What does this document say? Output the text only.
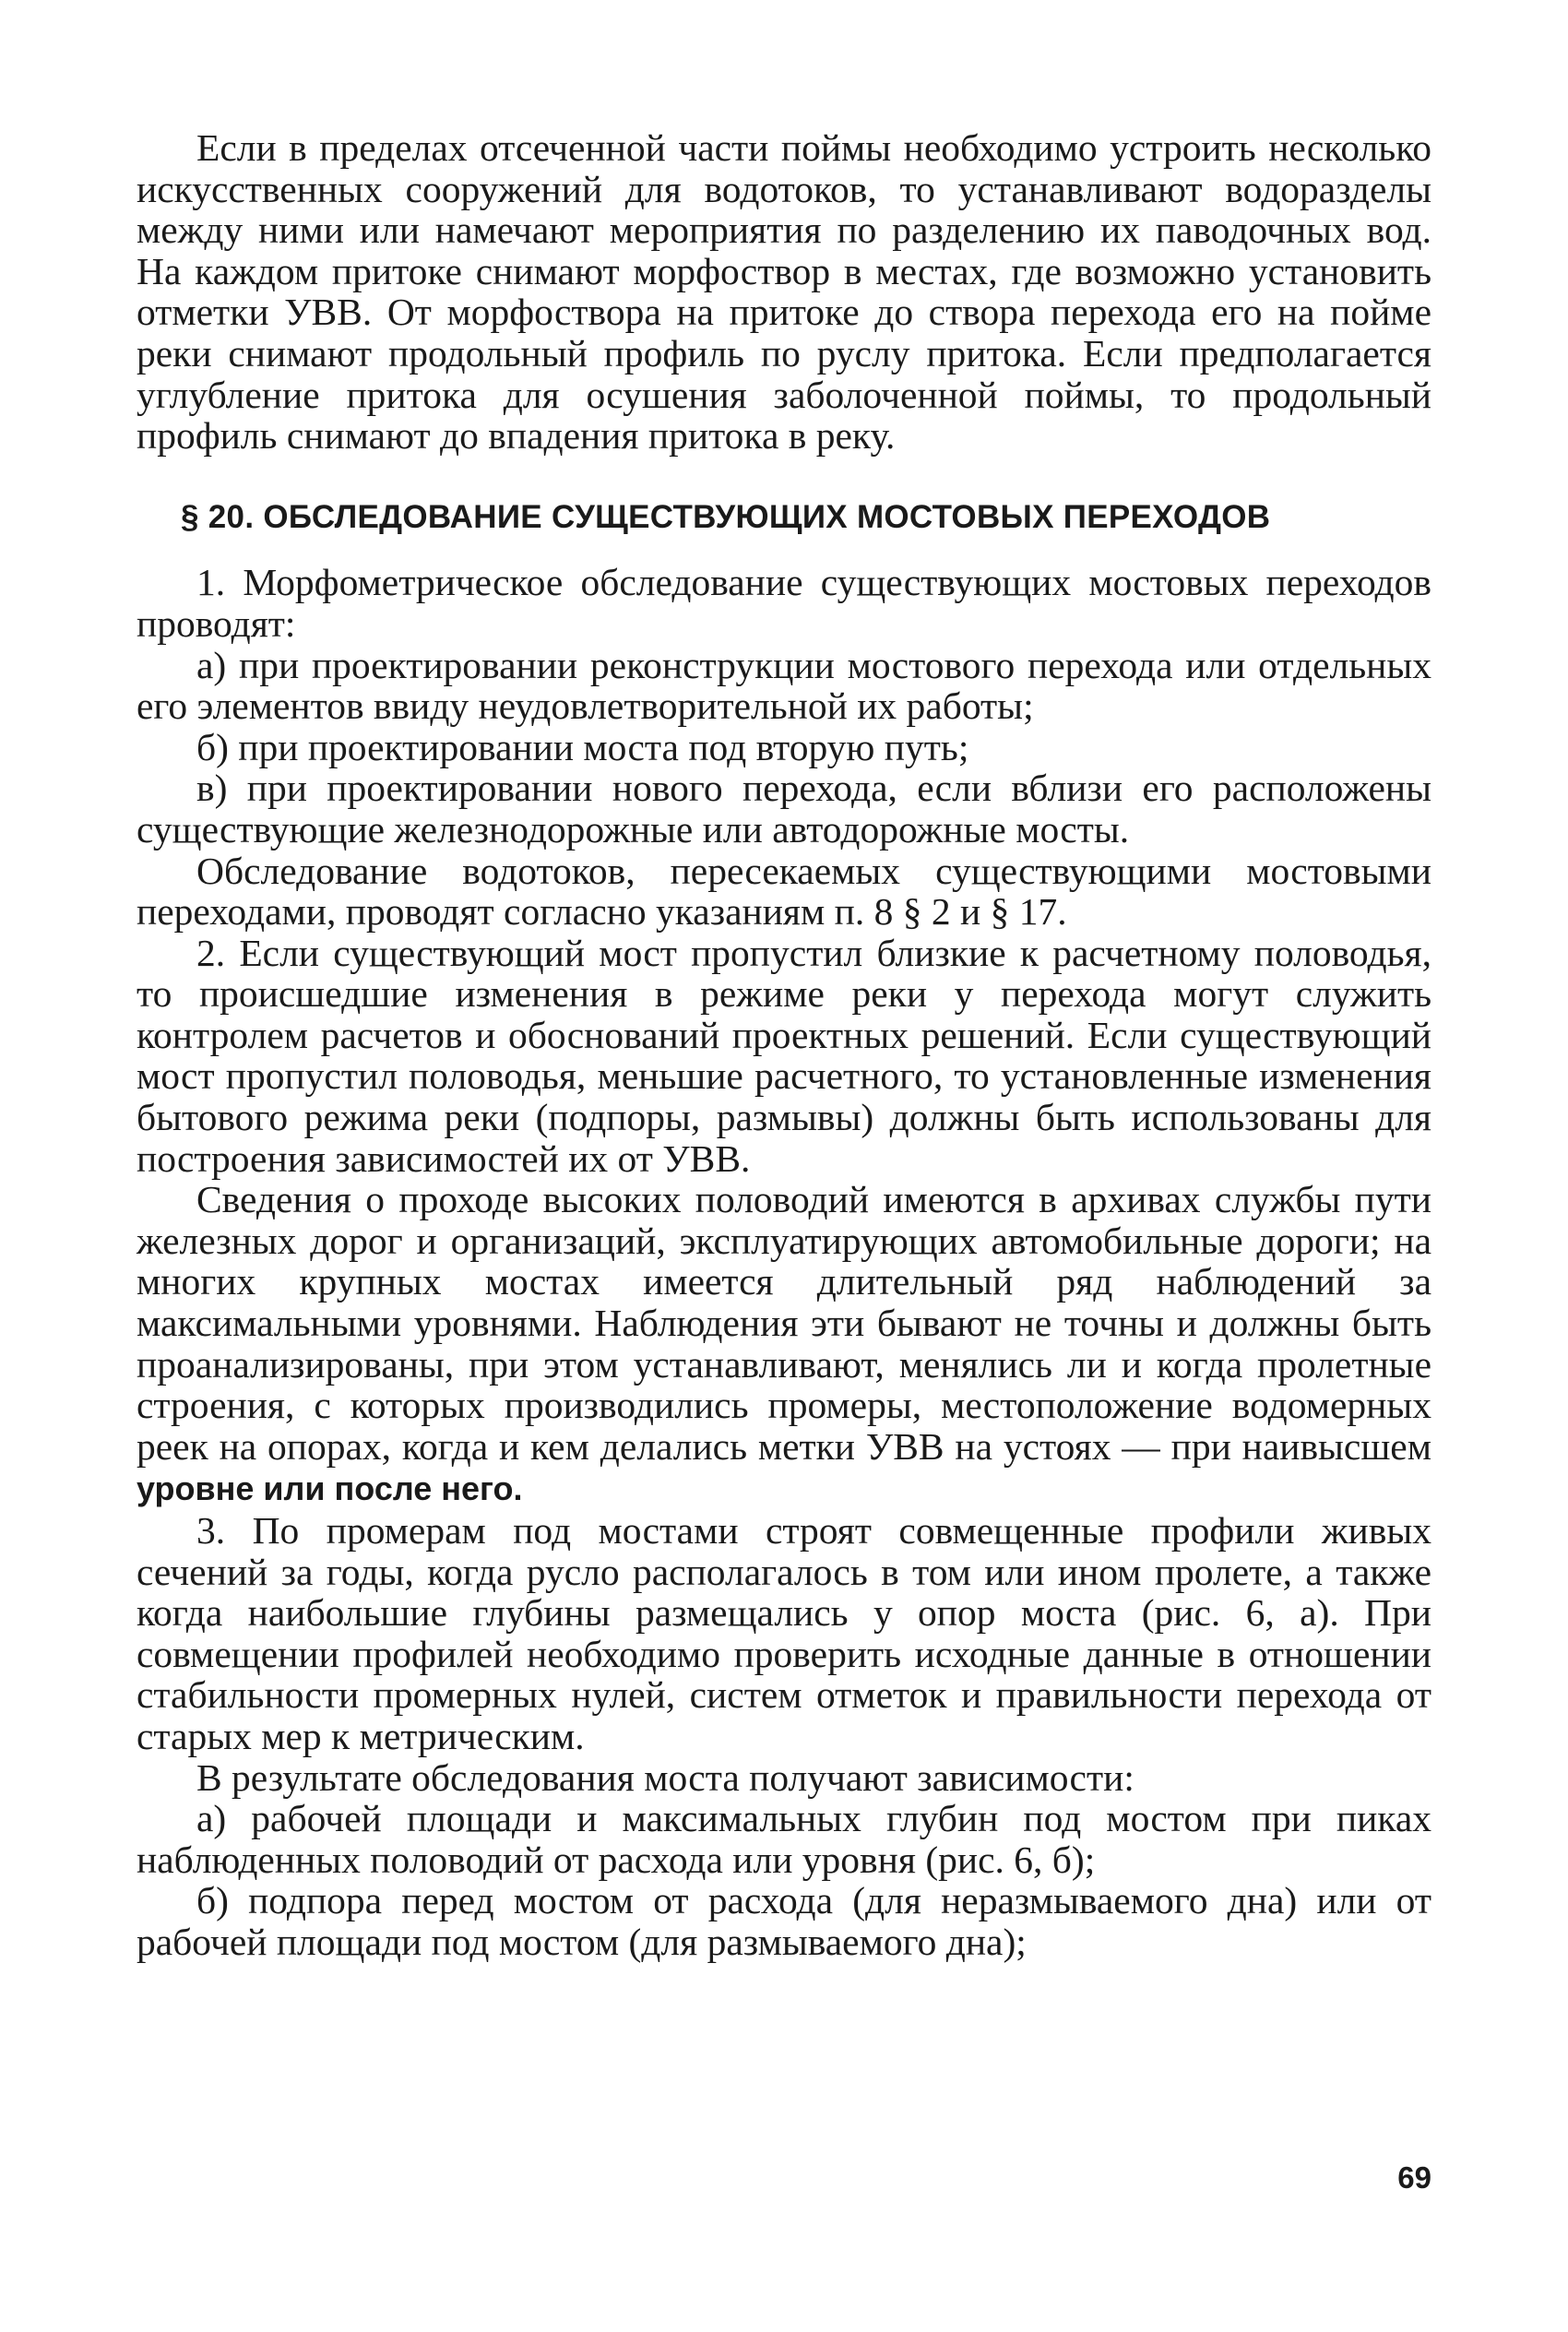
Если в пределах отсеченной части поймы необходимо устроить несколько искусственных сооружений для водотоков, то устанавливают водоразделы между ними или намечают мероприятия по разделению их паводочных вод. На каждом притоке снимают морфоствор в местах, где возможно установить отметки УВВ. От морфоствора на притоке до створа перехода его на пойме реки снимают продольный профиль по руслу притока. Если предполагается углубление притока для осушения заболоченной поймы, то продольный профиль снимают до впадения притока в реку.

§ 20. ОБСЛЕДОВАНИЕ СУЩЕСТВУЮЩИХ МОСТОВЫХ ПЕРЕХОДОВ

1. Морфометрическое обследование существующих мостовых переходов проводят:

а) при проектировании реконструкции мостового перехода или отдельных его элементов ввиду неудовлетворительной их работы;

б) при проектировании моста под вторую путь;

в) при проектировании нового перехода, если вблизи его расположены существующие железнодорожные или автодорожные мосты.

Обследование водотоков, пересекаемых существующими мостовыми переходами, проводят согласно указаниям п. 8 § 2 и § 17.

2. Если существующий мост пропустил близкие к расчетному половодья, то происшедшие изменения в режиме реки у перехода могут служить контролем расчетов и обоснований проектных решений. Если существующий мост пропустил половодья, меньшие расчетного, то установленные изменения бытового режима реки (подпоры, размывы) должны быть использованы для построения зависимостей их от УВВ.

Сведения о проходе высоких половодий имеются в архивах службы пути железных дорог и организаций, эксплуатирующих автомобильные дороги; на многих крупных мостах имеется длительный ряд наблюдений за максимальными уровнями. Наблюдения эти бывают не точны и должны быть проанализированы, при этом устанавливают, менялись ли и когда пролетные строения, с которых производились промеры, местоположение водомерных реек на опорах, когда и кем делались метки УВВ на устоях — при наивысшем уровне или после него.

3. По промерам под мостами строят совмещенные профили живых сечений за годы, когда русло располагалось в том или ином пролете, а также когда наибольшие глубины размещались у опор моста (рис. 6, а). При совмещении профилей необходимо проверить исходные данные в отношении стабильности промерных нулей, систем отметок и правильности перехода от старых мер к метрическим.

В результате обследования моста получают зависимости:

а) рабочей площади и максимальных глубин под мостом при пиках наблюденных половодий от расхода или уровня (рис. 6, б);

б) подпора перед мостом от расхода (для неразмываемого дна) или от рабочей площади под мостом (для размываемого дна);

69
